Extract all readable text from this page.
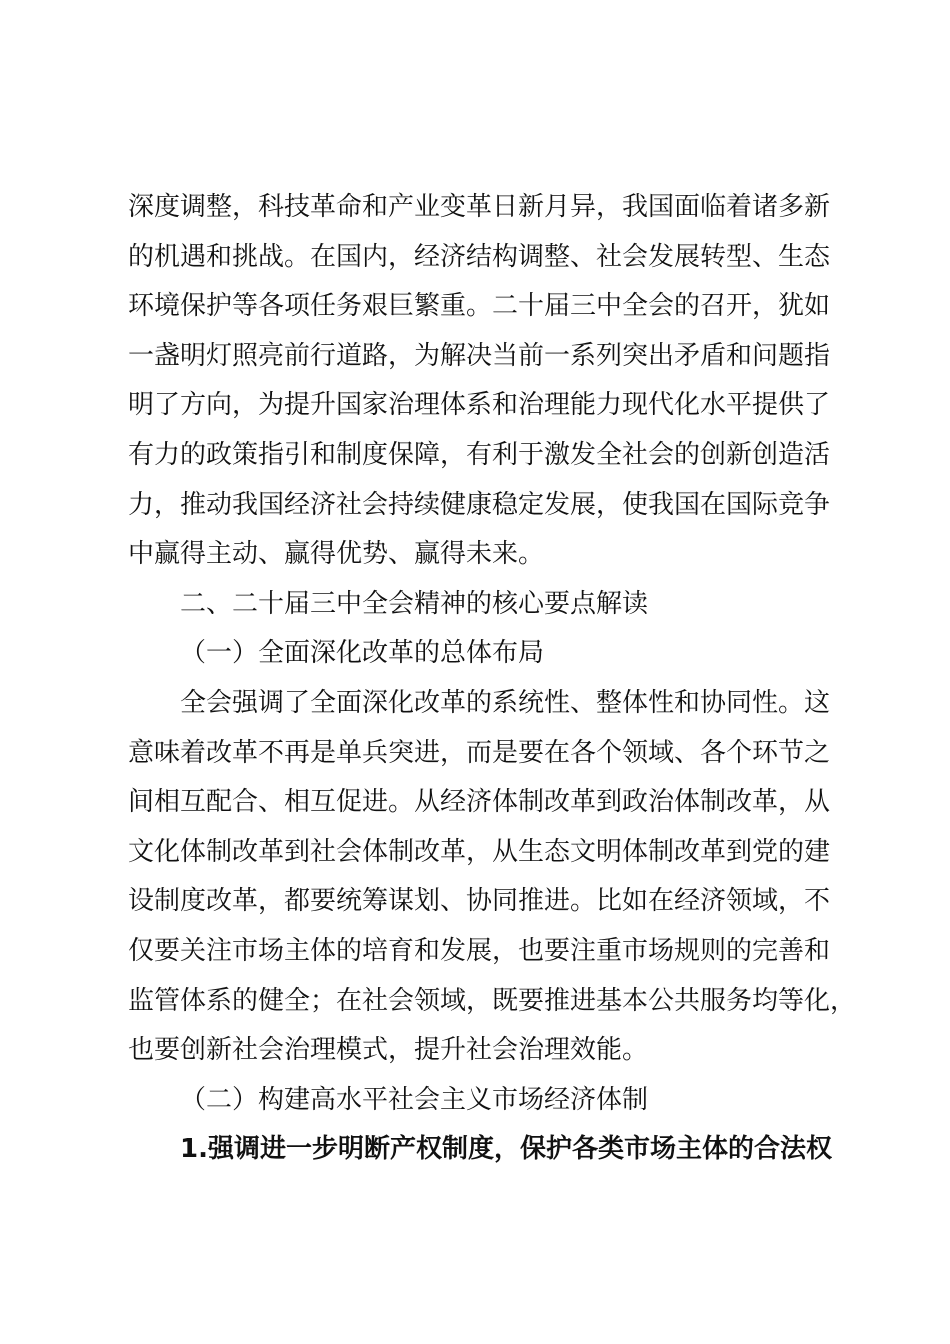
深度调整，科技革命和产业变革日新月异，我国面临着诸多新
的机遇和挑战。在国内，经济结构调整、社会发展转型、生态
环境保护等各项任务艰巨繁重。二十届三中全会的召开，犹如
一盏明灯照亮前行道路，为解决当前一系列突出矛盾和问题指
明了方向，为提升国家治理体系和治理能力现代化水平提供了
有力的政策指引和制度保障，有利于激发全社会的创新创造活
力，推动我国经济社会持续健康稳定发展，使我国在国际竞争
中赢得主动、赢得优势、赢得未来。
二、二十届三中全会精神的核心要点解读
（一）全面深化改革的总体布局
全会强调了全面深化改革的系统性、整体性和协同性。这
意味着改革不再是单兵突进，而是要在各个领域、各个环节之
间相互配合、相互促进。从经济体制改革到政治体制改革，从
文化体制改革到社会体制改革，从生态文明体制改革到党的建
设制度改革，都要统筹谋划、协同推进。比如在经济领域，不
仅要关注市场主体的培育和发展，也要注重市场规则的完善和
监管体系的健全；在社会领域，既要推进基本公共服务均等化，
也要创新社会治理模式，提升社会治理效能。
（二）构建高水平社会主义市场经济体制
1.强调进一步明断产权制度，保护各类市场主体的合法权
